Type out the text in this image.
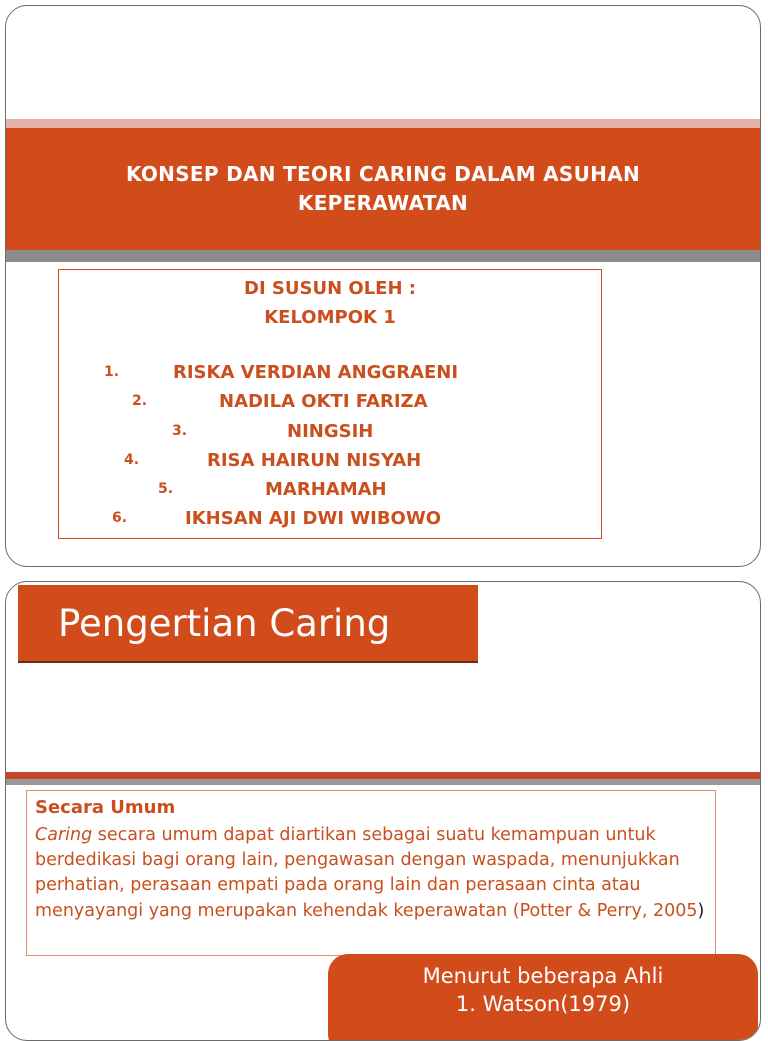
KONSEP DAN TEORI CARING DALAM ASUHAN KEPERAWATAN
DI SUSUN OLEH :
KELOMPOK 1
1.	RISKA VERDIAN ANGGRAENI
2.	NADILA OKTI FARIZA
3.	NINGSIH
4.	RISA HAIRUN NISYAH
5.	MARHAMAH
6.	IKHSAN AJI DWI WIBOWO
Pengertian Caring
Secara Umum

Caring secara umum dapat diartikan sebagai suatu kemampuan untuk berdedikasi bagi orang lain, pengawasan dengan waspada, menunjukkan perhatian, perasaan empati pada orang lain dan perasaan cinta atau menyayangi yang merupakan kehendak keperawatan (Potter & Perry, 2005)

Menurut beberapa Ahli
1. Watson(1979)
